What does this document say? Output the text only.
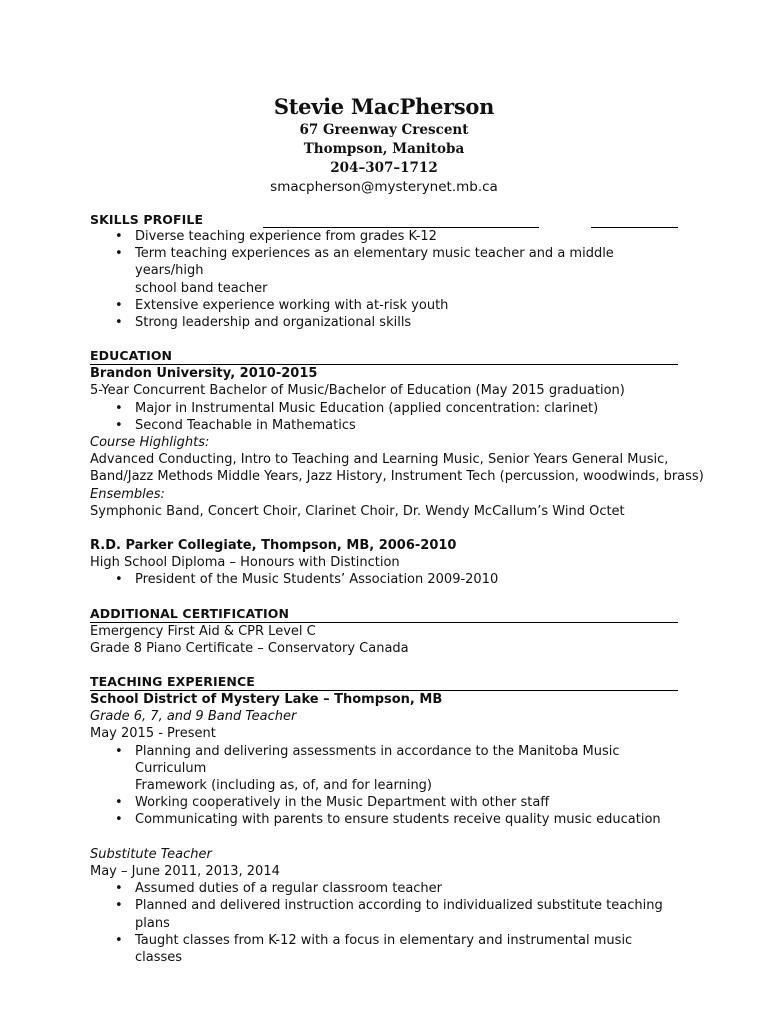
Stevie MacPherson
67 Greenway Crescent
Thompson, Manitoba
204–307–1712
smacpherson@mysterynet.mb.ca
SKILLS PROFILE
• Diverse teaching experience from grades K-12
• Term teaching experiences as an elementary music teacher and a middle years/high
school band teacher
• Extensive experience working with at-risk youth
• Strong leadership and organizational skills
EDUCATION
Brandon University, 2010-2015
5-Year Concurrent Bachelor of Music/Bachelor of Education (May 2015 graduation)
• Major in Instrumental Music Education (applied concentration: clarinet)
• Second Teachable in Mathematics
Course Highlights:
Advanced Conducting, Intro to Teaching and Learning Music, Senior Years General Music,
Band/Jazz Methods Middle Years, Jazz History, Instrument Tech (percussion, woodwinds, brass)
Ensembles:
Symphonic Band, Concert Choir, Clarinet Choir, Dr. Wendy McCallum’s Wind Octet
R.D. Parker Collegiate, Thompson, MB, 2006-2010
High School Diploma – Honours with Distinction
• President of the Music Students’ Association 2009-2010
ADDITIONAL CERTIFICATION
Emergency First Aid & CPR Level C
Grade 8 Piano Certificate – Conservatory Canada
TEACHING EXPERIENCE
School District of Mystery Lake – Thompson, MB
Grade 6, 7, and 9 Band Teacher
May 2015 - Present
• Planning and delivering assessments in accordance to the Manitoba Music Curriculum
Framework (including as, of, and for learning)
• Working cooperatively in the Music Department with other staff
• Communicating with parents to ensure students receive quality music education
Substitute Teacher
May – June 2011, 2013, 2014
• Assumed duties of a regular classroom teacher
• Planned and delivered instruction according to individualized substitute teaching plans
• Taught classes from K-12 with a focus in elementary and instrumental music classes
